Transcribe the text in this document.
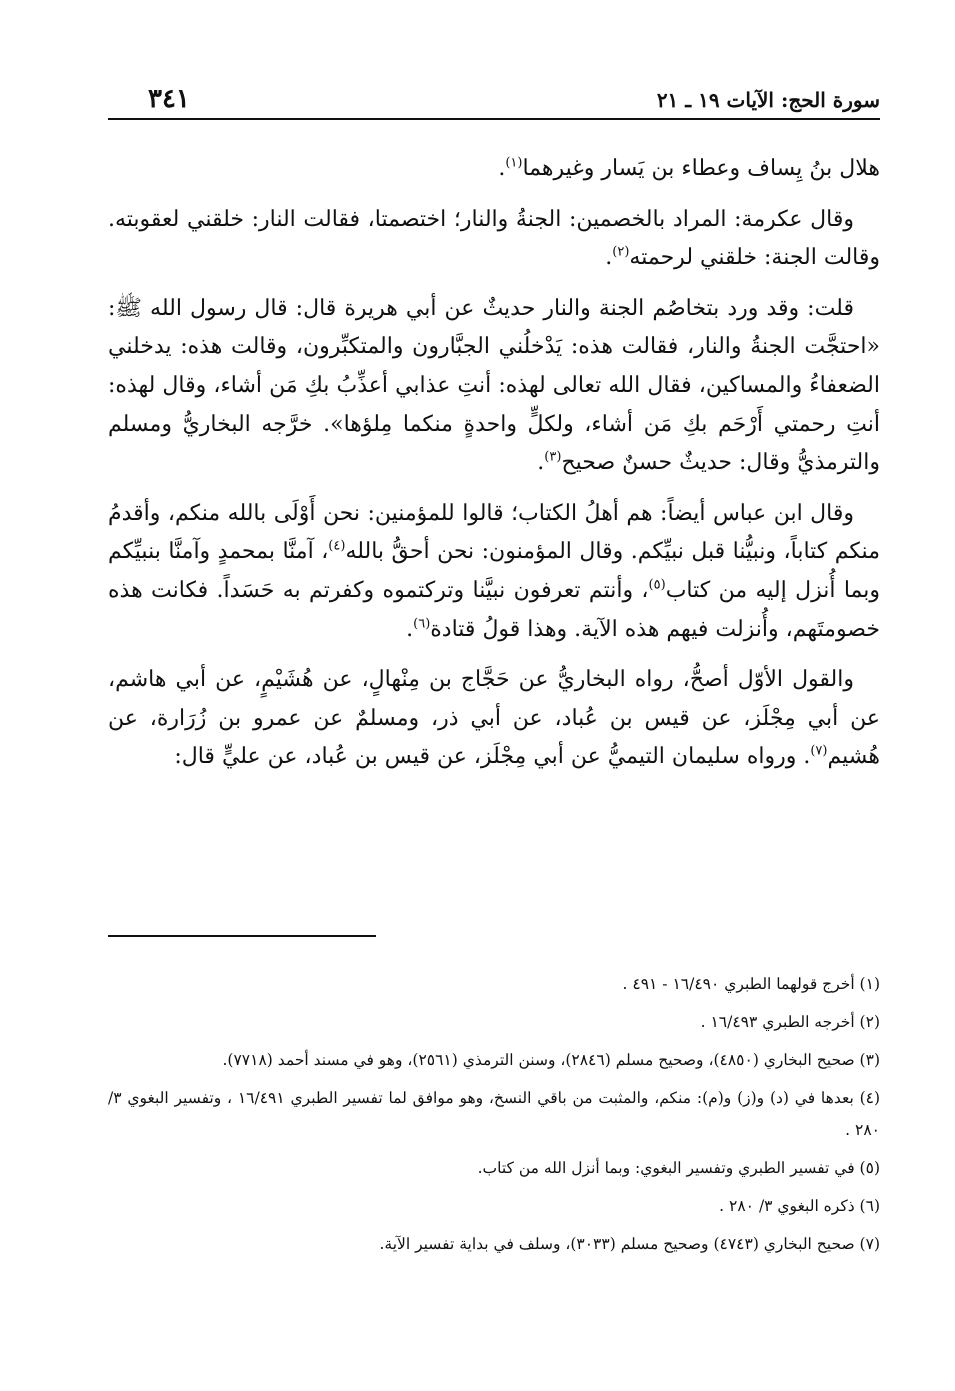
سورة الحج: الآيات ١٩ ـ ٢١
٣٤١

هلال بنُ يِساف وعطاء بن يَسار وغيرهما$^{(١)}$.

وقال عكرمة: المراد بالخصمين: الجنةُ والنار؛ اختصمتا، فقالت النار: خلقني لعقوبته. وقالت الجنة: خلقني لرحمته$^{(٢)}$.

قلت: وقد ورد بتخاصُم الجنة والنار حديثٌ عن أبي هريرة قال: قال رسول الله ﷺ: «احتجَّت الجنةُ والنار، فقالت هذه: يَدْخلُني الجبَّارون والمتكبِّرون، وقالت هذه: يدخلني الضعفاءُ والمساكين، فقال الله تعالى لهذه: أنتِ عذابي أعذِّبُ بكِ مَن أشاء، وقال لهذه: أنتِ رحمتي أَرْحَم بكِ مَن أشاء، ولكلٍّ واحدةٍ منكما مِلؤها». خرَّجه البخاريُّ ومسلم والترمذيُّ وقال: حديثٌ حسنٌ صحيح$^{(٣)}$.

وقال ابن عباس أيضاً: هم أهلُ الكتاب؛ قالوا للمؤمنين: نحن أَوْلَى بالله منكم، وأقدمُ منكم كتاباً، ونبيُّنا قبل نبيِّكم. وقال المؤمنون: نحن أحقُّ بالله$^{(٤)}$، آمنَّا بمحمدٍ وآمنَّا بنبيِّكم وبما أُنزل إليه من كتاب$^{(٥)}$، وأنتم تعرفون نبيَّنا وتركتموه وكفرتم به حَسَداً. فكانت هذه خصومتَهم، وأُنزلت فيهم هذه الآية. وهذا قولُ قتادة$^{(٦)}$.

والقول الأوّل أصحُّ، رواه البخاريُّ عن حَجَّاج بن مِنْهالٍ، عن هُشَيْمٍ، عن أبي هاشم، عن أبي مِجْلَز، عن قيس بن عُباد، عن أبي ذر، ومسلمٌ عن عمرو بن زُرَارة، عن هُشيم$^{(٧)}$. ورواه سليمان التيميُّ عن أبي مِجْلَز، عن قيس بن عُباد، عن عليٍّ قال:

(١) أخرج قولهما الطبري ١٦/٤٩٠ - ٤٩١ .

(٢) أخرجه الطبري ١٦/٤٩٣ .

(٣) صحيح البخاري (٤٨٥٠)، وصحيح مسلم (٢٨٤٦)، وسنن الترمذي (٢٥٦١)، وهو في مسند أحمد (٧٧١٨).

(٤) بعدها في (د) و(ز) و(م): منكم، والمثبت من باقي النسخ، وهو موافق لما تفسير الطبري ١٦/٤٩١ ، وتفسير البغوي ٣/ ٢٨٠ .

(٥) في تفسير الطبري وتفسير البغوي: وبما أنزل الله من كتاب.

(٦) ذكره البغوي ٣/ ٢٨٠ .

(٧) صحيح البخاري (٤٧٤٣) وصحيح مسلم (٣٠٣٣)، وسلف في بداية تفسير الآية.
